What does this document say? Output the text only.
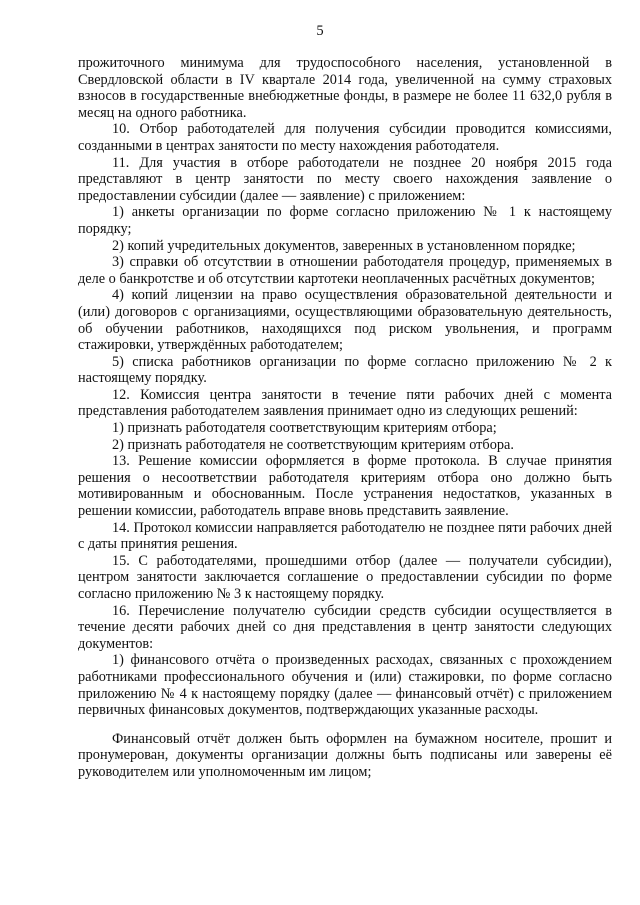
5

прожиточного минимума для трудоспособного населения, установленной в Свердловской области в IV квартале 2014 года, увеличенной на сумму страховых взносов в государственные внебюджетные фонды, в размере не более 11 632,0 рубля в месяц на одного работника.

10. Отбор работодателей для получения субсидии проводится комиссиями, созданными в центрах занятости по месту нахождения работодателя.

11. Для участия в отборе работодатели не позднее 20 ноября 2015 года представляют в центр занятости по месту своего нахождения заявление о предоставлении субсидии (далее — заявление) с приложением:

1) анкеты организации по форме согласно приложению № 1 к настоящему порядку;

2) копий учредительных документов, заверенных в установленном порядке;

3) справки об отсутствии в отношении работодателя процедур, применяемых в деле о банкротстве и об отсутствии картотеки неоплаченных расчётных документов;

4) копий лицензии на право осуществления образовательной деятельности и (или) договоров с организациями, осуществляющими образовательную деятельность, об обучении работников, находящихся под риском увольнения, и программ стажировки, утверждённых работодателем;

5) списка работников организации по форме согласно приложению № 2 к настоящему порядку.

12. Комиссия центра занятости в течение пяти рабочих дней с момента представления работодателем заявления принимает одно из следующих решений:

1) признать работодателя соответствующим критериям отбора;

2) признать работодателя не соответствующим критериям отбора.

13. Решение комиссии оформляется в форме протокола. В случае принятия решения о несоответствии работодателя критериям отбора оно должно быть мотивированным и обоснованным. После устранения недостатков, указанных в решении комиссии, работодатель вправе вновь представить заявление.

14. Протокол комиссии направляется работодателю не позднее пяти рабочих дней с даты принятия решения.

15. С работодателями, прошедшими отбор (далее — получатели субсидии), центром занятости заключается соглашение о предоставлении субсидии по форме согласно приложению № 3 к настоящему порядку.

16. Перечисление получателю субсидии средств субсидии осуществляется в течение десяти рабочих дней со дня представления в центр занятости следующих документов:

1) финансового отчёта о произведенных расходах, связанных с прохождением работниками профессионального обучения и (или) стажировки, по форме согласно приложению № 4 к настоящему порядку (далее — финансовый отчёт) с приложением первичных финансовых документов, подтверждающих указанные расходы.

Финансовый отчёт должен быть оформлен на бумажном носителе, прошит и пронумерован, документы организации должны быть подписаны или заверены её руководителем или уполномоченным им лицом;
